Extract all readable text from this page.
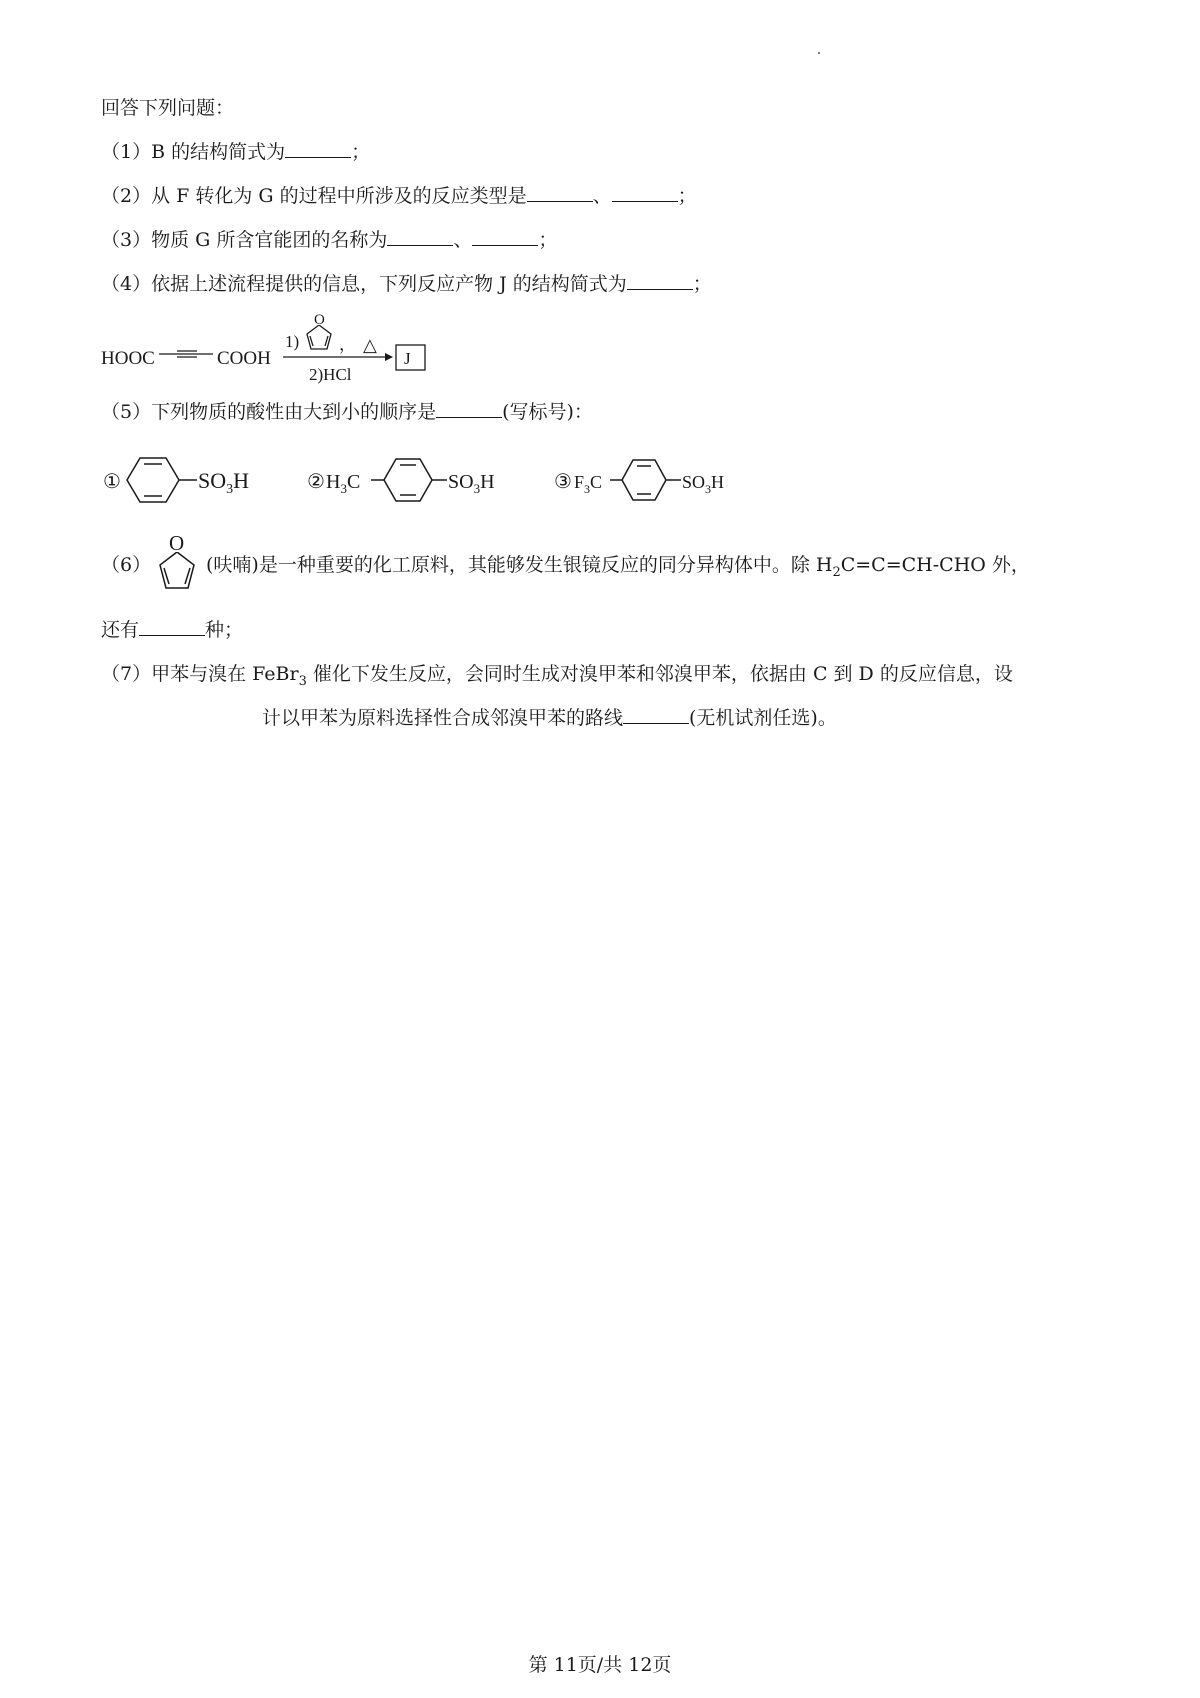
回答下列问题：
（1）B 的结构简式为	；
（2）从 F 转化为 G 的过程中所涉及的反应类型是	、	；
（3）物质 G 所含官能团的名称为	、	；
（4）依据上述流程提供的信息，下列反应产物 J 的结构简式为	；
HOOC	COOH
1)
O
， △
2)HCl
J
（5）下列物质的酸性由大到小的顺序是	(写标号)：
①	$SO_3H$	② $H_3C$	$SO_3H$	③ $F_3C$	$SO_3H$
（6）
O
(呋喃)是一种重要的化工原料，其能够发生银镜反应的同分异构体中。除 $H_2C=C=CH$-CHO 外，
还有	种；
（7）甲苯与溴在 FeBr$_3$ 催化下发生反应，会同时生成对溴甲苯和邻溴甲苯，依据由 C 到 D 的反应信息，设
计以甲苯为原料选择性合成邻溴甲苯的路线	(无机试剂任选)。
第 11页/共 12页
